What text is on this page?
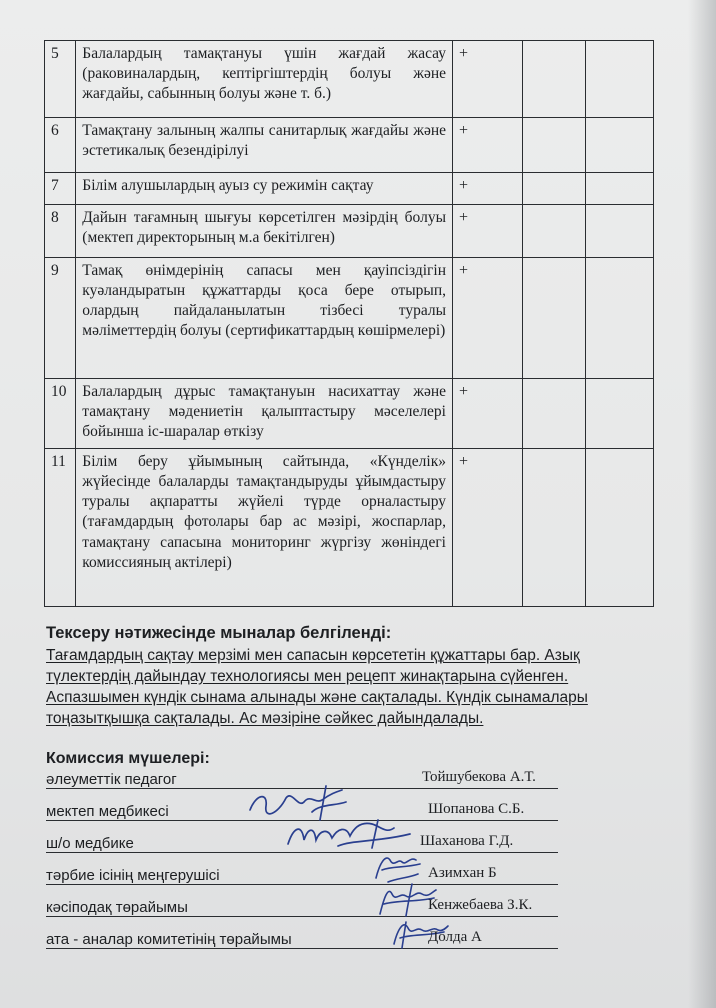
5	Балалардың тамақтануы үшін жағдай жасау (раковиналардың, кептіргіштердің болуы және жағдайы, сабынның болуы және т. б.)	+		
6	Тамақтану залының жалпы санитарлық жағдайы және эстетикалық безендірілуі	+		
7	Білім алушылардың ауыз су режимін сақтау	+		
8	Дайын тағамның шығуы көрсетілген мәзірдің болуы (мектеп директорының м.а бекітілген)	+		
9	Тамақ өнімдерінің сапасы мен қауіпсіздігін куәландыратын құжаттарды қоса бере отырып, олардың пайдаланылатын тізбесі туралы мәліметтердің болуы (сертификаттардың көшірмелері)	+		
10	Балалардың дұрыс тамақтануын насихаттау және тамақтану мәдениетін қалыптастыру мәселелері бойынша іс-шаралар өткізу	+		
11	Білім беру ұйымының сайтында, «Күнделік» жүйесінде балаларды тамақтандыруды ұйымдастыру туралы ақпаратты жүйелі түрде орналастыру (тағамдардың фотолары бар ас мәзірі, жоспарлар, тамақтану сапасына мониторинг жүргізу жөніндегі комиссияның актілері)	+		

Тексеру нәтижесінде мыналар белгіленді:

Тағамдардың сақтау мерзімі мен сапасын көрсететін құжаттары бар. Азық
түлектердің дайындау технологиясы мен рецепт жинақтарына сүйенген.
Аспазшымен күндік сынама алынады және сақталады. Күндік сынамалары
тоңазытқышқа сақталады. Ас мәзіріне сәйкес дайындалады.

Комиссия мүшелері:

әлеуметтік педагог	Тойшубекова А.Т.
мектеп медбикесі	Шопанова С.Б.
ш/о медбике	Шаханова Г.Д.
тәрбие ісінің меңгерушісі	Азимхан Б
кәсіподақ төрайымы	Кенжебаева З.К.
ата - аналар комитетінің төрайымы	Долда А
